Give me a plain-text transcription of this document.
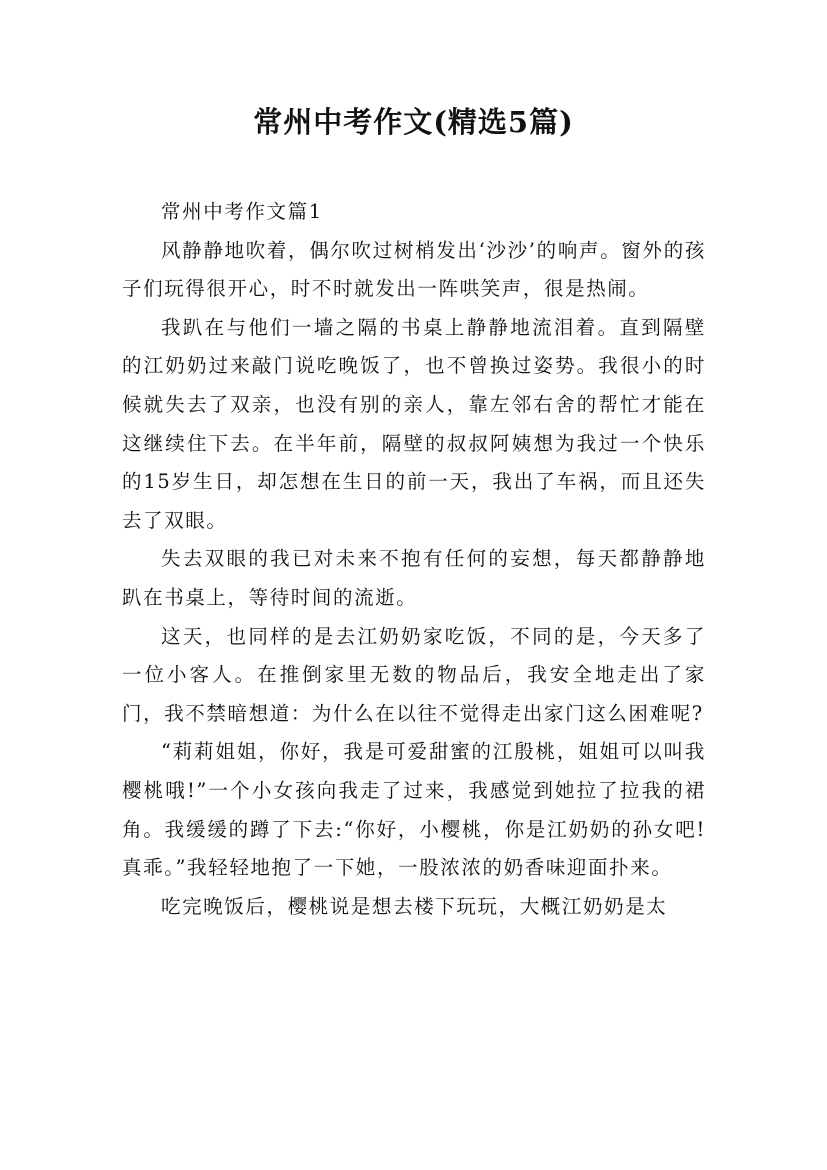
常州中考作文(精选5篇)

常州中考作文篇1

风静静地吹着，偶尔吹过树梢发出‘沙沙’的响声。窗外的孩子们玩得很开心，时不时就发出一阵哄笑声，很是热闹。

我趴在与他们一墙之隔的书桌上静静地流泪着。直到隔壁的江奶奶过来敲门说吃晚饭了，也不曾换过姿势。我很小的时候就失去了双亲，也没有别的亲人，靠左邻右舍的帮忙才能在这继续住下去。在半年前，隔壁的叔叔阿姨想为我过一个快乐的15岁生日，却怎想在生日的前一天，我出了车祸，而且还失去了双眼。

失去双眼的我已对未来不抱有任何的妄想，每天都静静地趴在书桌上，等待时间的流逝。

这天，也同样的是去江奶奶家吃饭，不同的是，今天多了一位小客人。在推倒家里无数的物品后，我安全地走出了家门，我不禁暗想道：为什么在以往不觉得走出家门这么困难呢?

“莉莉姐姐，你好，我是可爱甜蜜的江殷桃，姐姐可以叫我樱桃哦!”一个小女孩向我走了过来，我感觉到她拉了拉我的裙角。我缓缓的蹲了下去:“你好，小樱桃，你是江奶奶的孙女吧!真乖。”我轻轻地抱了一下她，一股浓浓的奶香味迎面扑来。

吃完晚饭后，樱桃说是想去楼下玩玩，大概江奶奶是太
